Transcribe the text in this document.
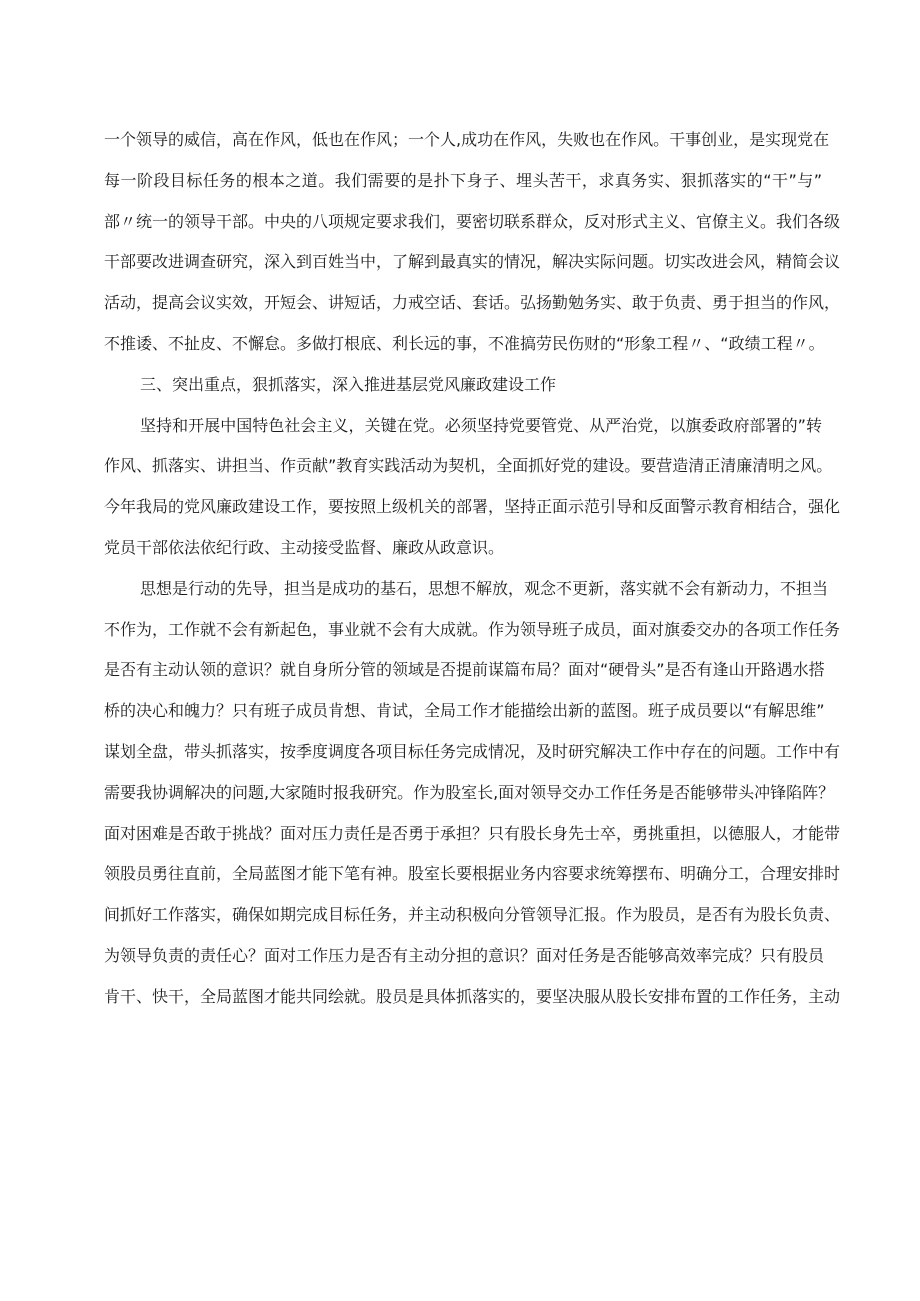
一个领导的威信，高在作风，低也在作风；一个人,成功在作风，失败也在作风。干事创业，是实现党在
每一阶段目标任务的根本之道。我们需要的是扑下身子、埋头苦干，求真务实、狠抓落实的“干”与”
部〃统一的领导干部。中央的八项规定要求我们，要密切联系群众，反对形式主义、官僚主义。我们各级
干部要改进调查研究，深入到百姓当中，了解到最真实的情况，解决实际问题。切实改进会风，精简会议
活动，提高会议实效，开短会、讲短话，力戒空话、套话。弘扬勤勉务实、敢于负责、勇于担当的作风，
不推诿、不扯皮、不懈怠。多做打根底、利长远的事，不准搞劳民伤财的“形象工程〃、“政绩工程〃。
三、突出重点，狠抓落实，深入推进基层党风廉政建设工作
坚持和开展中国特色社会主义，关键在党。必须坚持党要管党、从严治党，以旗委政府部署的”转
作风、抓落实、讲担当、作贡献”教育实践活动为契机，全面抓好党的建设。要营造清正清廉清明之风。
今年我局的党风廉政建设工作，要按照上级机关的部署，坚持正面示范引导和反面警示教育相结合，强化
党员干部依法依纪行政、主动接受监督、廉政从政意识。
思想是行动的先导，担当是成功的基石，思想不解放，观念不更新，落实就不会有新动力，不担当
不作为，工作就不会有新起色，事业就不会有大成就。作为领导班子成员，面对旗委交办的各项工作任务
是否有主动认领的意识？就自身所分管的领域是否提前谋篇布局？面对“硬骨头”是否有逢山开路遇水搭
桥的决心和魄力？只有班子成员肯想、肯试，全局工作才能描绘出新的蓝图。班子成员要以“有解思维”
谋划全盘，带头抓落实，按季度调度各项目标任务完成情况，及时研究解决工作中存在的问题。工作中有
需要我协调解决的问题,大家随时报我研究。作为股室长,面对领导交办工作任务是否能够带头冲锋陷阵？
面对困难是否敢于挑战？面对压力责任是否勇于承担？只有股长身先士卒，勇挑重担，以德服人，才能带
领股员勇往直前，全局蓝图才能下笔有神。股室长要根据业务内容要求统筹摆布、明确分工，合理安排时
间抓好工作落实，确保如期完成目标任务，并主动积极向分管领导汇报。作为股员，是否有为股长负责、
为领导负责的责任心？面对工作压力是否有主动分担的意识？面对任务是否能够高效率完成？只有股员
肯干、快干，全局蓝图才能共同绘就。股员是具体抓落实的，要坚决服从股长安排布置的工作任务，主动
